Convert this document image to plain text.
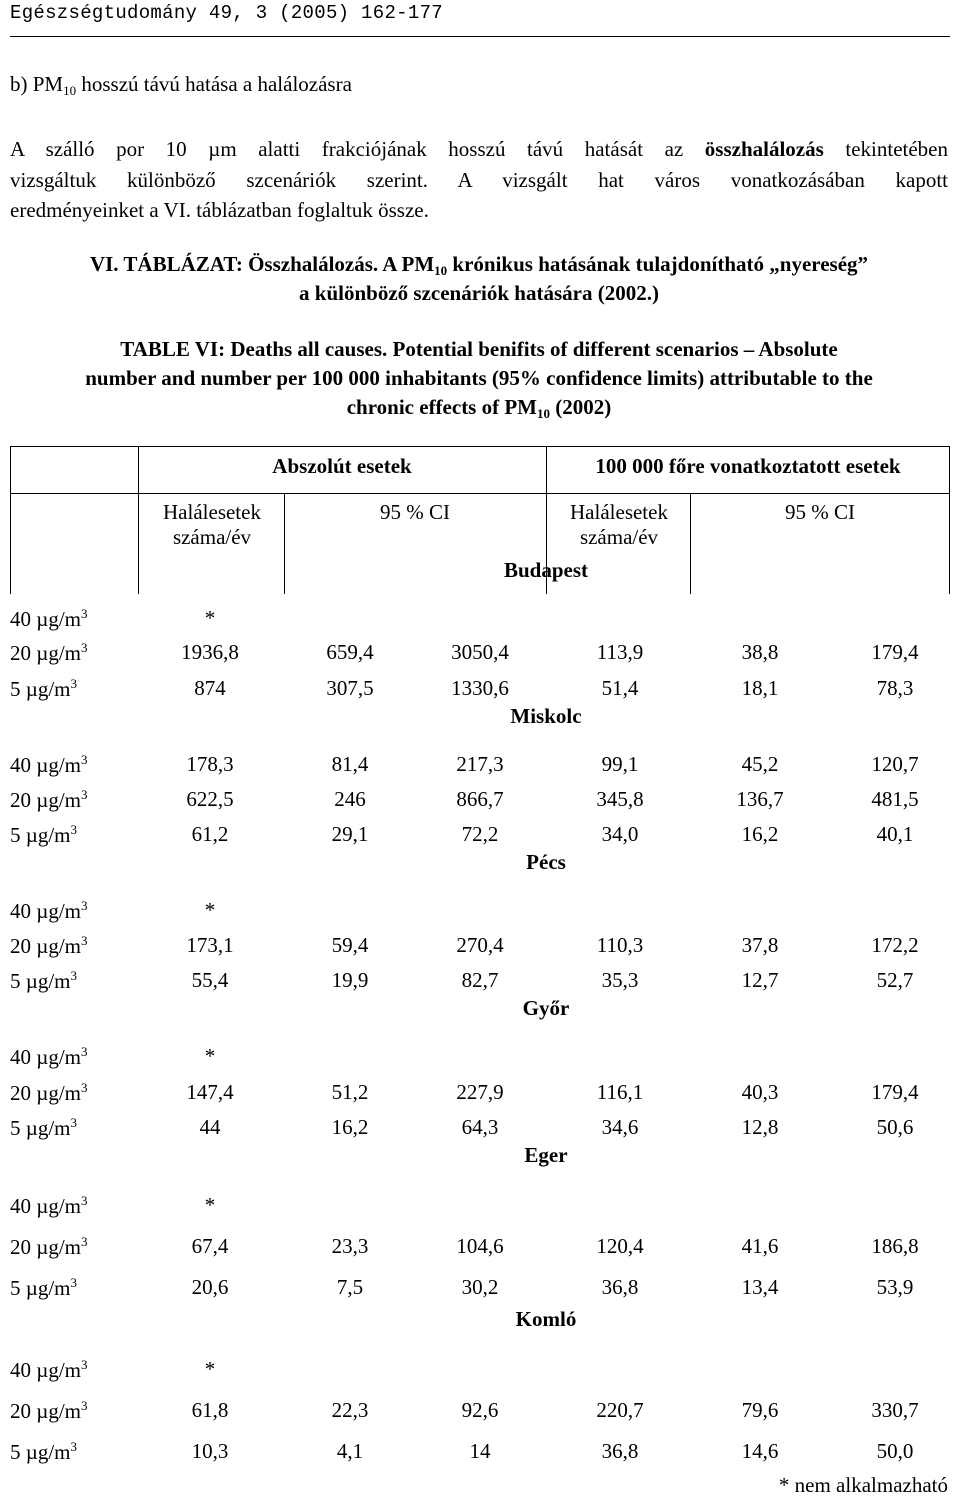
Egészségtudomány 49, 3 (2005) 162-177
b) $PM_{10}$ hosszú távú hatása a halálozásra
A szálló por 10 µm alatti frakciójának hosszú távú hatását az összhalálozás tekintetében
vizsgáltuk különböző szcenáriók szerint. A vizsgált hat város vonatkozásában kapott
eredményeinket a VI. táblázatban foglaltuk össze.
VI. TÁBLÁZAT: Összhalálozás. A $PM_{10}$ krónikus hatásának tulajdonítható „nyereség”
a különböző szcenáriók hatására (2002.)
TABLE VI: Deaths all causes. Potential benifits of different scenarios – Absolute
number and number per 100 000 inhabitants (95% confidence limits) attributable to the
chronic effects of $PM_{10}$ (2002)
Abszolút esetek	100 000 főre vonatkoztatott esetek
Halálesetek
száma/év
95 % CI	Halálesetek
száma/év
95 % CI
Budapest
40 $\mu g/m^3$	*
20 $\mu g/m^3$	1936,8	659,4	3050,4	113,9	38,8	179,4
5 $\mu g/m^3$	874	307,5	1330,6	51,4	18,1	78,3
Miskolc
40 $\mu g/m^3$	178,3	81,4	217,3	99,1	45,2	120,7
20 $\mu g/m^3$	622,5	246	866,7	345,8	136,7	481,5
5 $\mu g/m^3$	61,2	29,1	72,2	34,0	16,2	40,1
Pécs
40 $\mu g/m^3$	*
20 $\mu g/m^3$	173,1	59,4	270,4	110,3	37,8	172,2
5 $\mu g/m^3$	55,4	19,9	82,7	35,3	12,7	52,7
Győr
40 $\mu g/m^3$	*
20 $\mu g/m^3$	147,4	51,2	227,9	116,1	40,3	179,4
5 $\mu g/m^3$	44	16,2	64,3	34,6	12,8	50,6
Eger
40 $\mu g/m^3$	*
20 $\mu g/m^3$	67,4	23,3	104,6	120,4	41,6	186,8
5 $\mu g/m^3$	20,6	7,5	30,2	36,8	13,4	53,9
Komló
40 $\mu g/m^3$	*
20 $\mu g/m^3$	61,8	22,3	92,6	220,7	79,6	330,7
5 $\mu g/m^3$	10,3	4,1	14	36,8	14,6	50,0
* nem alkalmazható
